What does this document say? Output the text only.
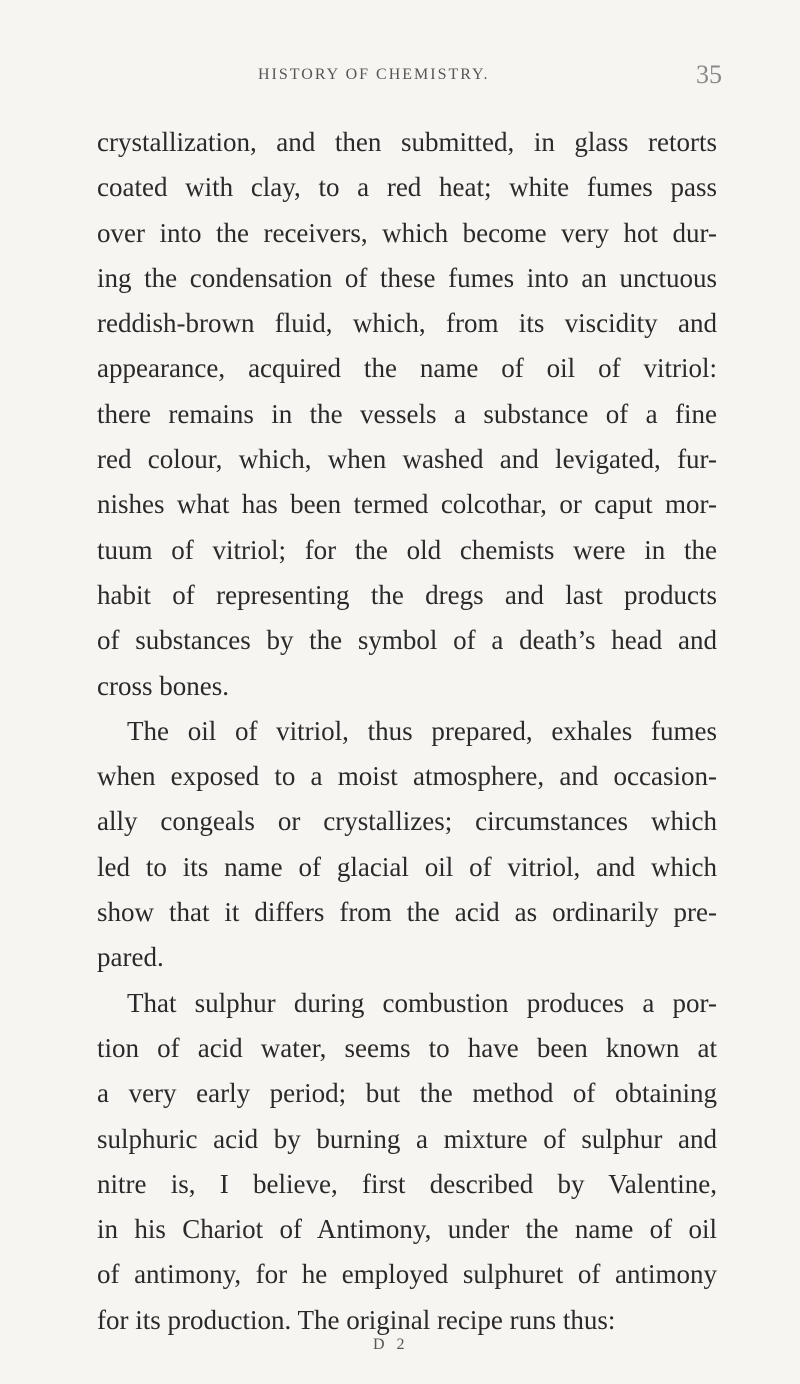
HISTORY OF CHEMISTRY.	35
crystallization, and then submitted, in glass retorts
coated with clay, to a red heat; white fumes pass
over into the receivers, which become very hot dur-
ing the condensation of these fumes into an unctuous
reddish-brown fluid, which, from its viscidity and
appearance, acquired the name of oil of vitriol:
there remains in the vessels a substance of a fine
red colour, which, when washed and levigated, fur-
nishes what has been termed colcothar, or caput mor-
tuum of vitriol; for the old chemists were in the
habit of representing the dregs and last products
of substances by the symbol of a death’s head and
cross bones.
The oil of vitriol, thus prepared, exhales fumes
when exposed to a moist atmosphere, and occasion-
ally congeals or crystallizes; circumstances which
led to its name of glacial oil of vitriol, and which
show that it differs from the acid as ordinarily pre-
pared.
That sulphur during combustion produces a por-
tion of acid water, seems to have been known at
a very early period; but the method of obtaining
sulphuric acid by burning a mixture of sulphur and
nitre is, I believe, first described by Valentine,
in his Chariot of Antimony, under the name of oil
of antimony, for he employed sulphuret of antimony
for its production. The original recipe runs thus:
D 2
